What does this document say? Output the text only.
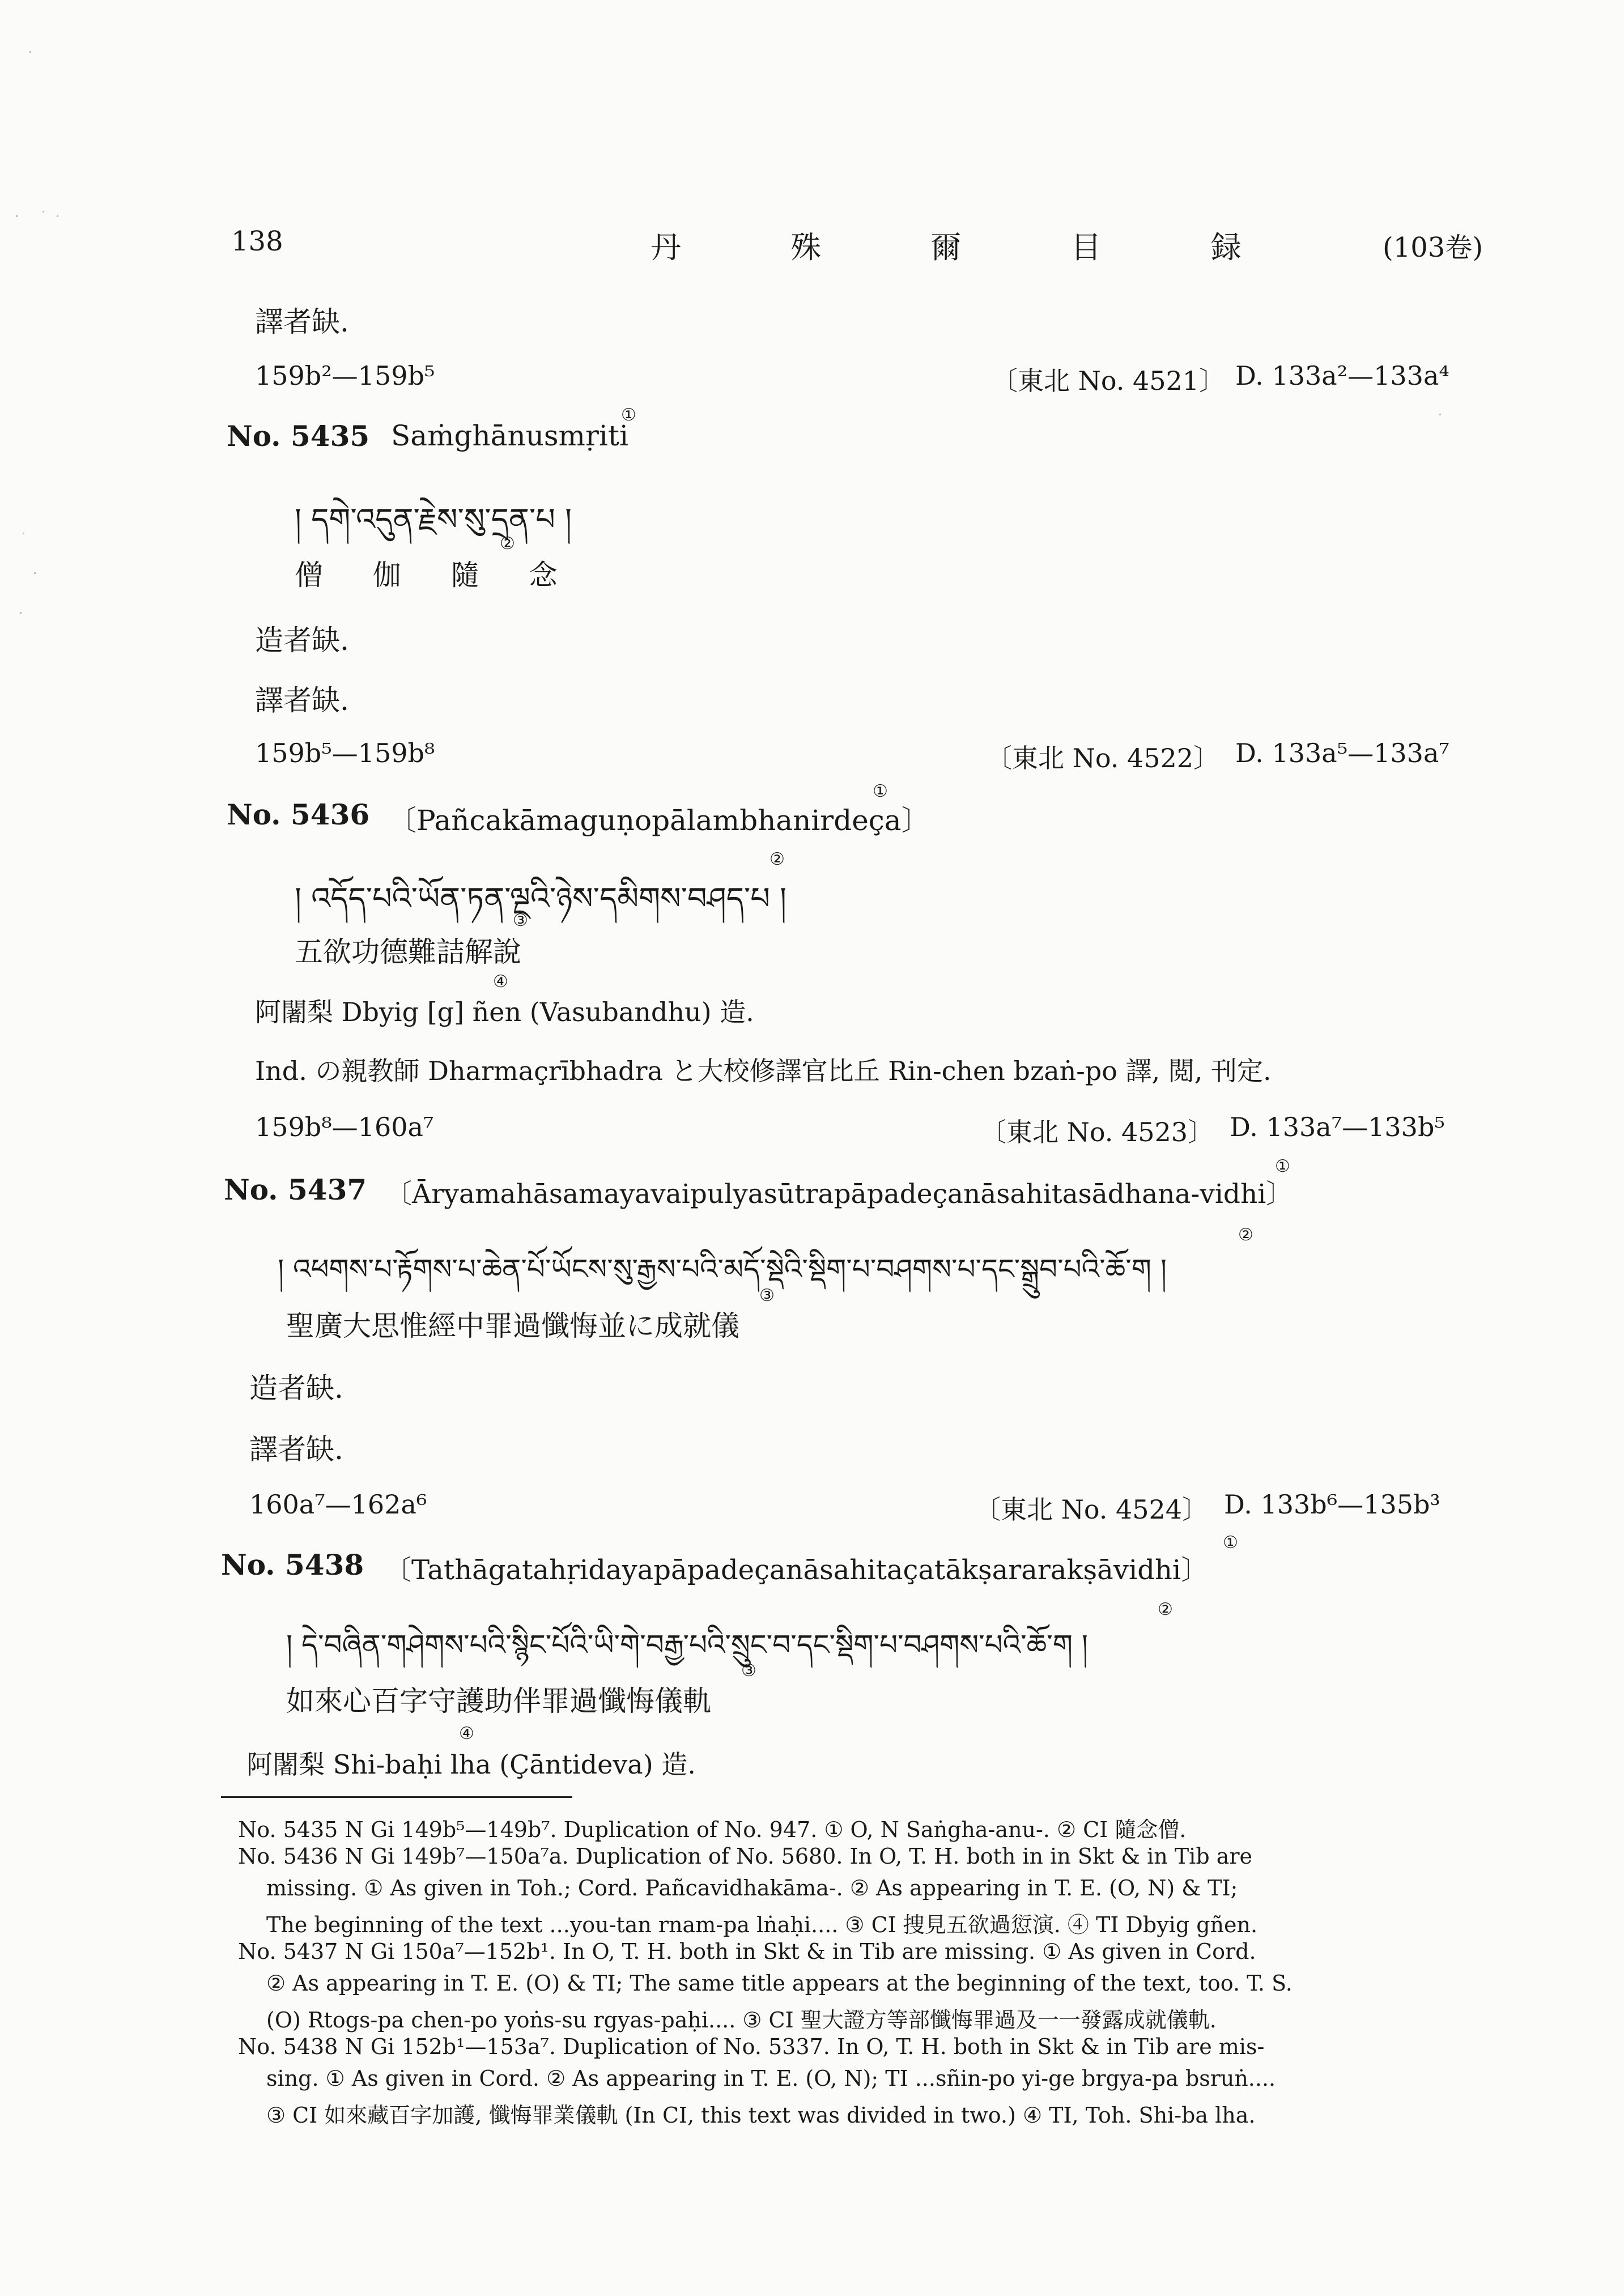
138	丹 殊 爾 目 録	(103卷)
譯者缺.
159b²—159b⁵	〔東北 No. 4521〕 D. 133a²—133a⁴
①
No. 5435 Saṁghānusmṛiti
། དགེ་འདུན་རྗེས་སུ་དྲན་པ །
②
僧 伽 隨 念
造者缺.
譯者缺.
159b⁵—159b⁸	〔東北 No. 4522〕 D. 133a⁵—133a⁷
①
No. 5436 〔Pañcakāmaguṇopālambhanirdeça〕
། འདོད་པའི་ཡོན་ཏན་ལྔའི་ཉེས་དམིགས་བཤད་པ །
②
③
五欲功德難詰解說
④
阿闍梨 Dbyig [g] ñen (Vasubandhu) 造.
Ind. の親教師 Dharmaçrībhadra と大校修譯官比丘 Rin-chen bzaṅ-po 譯, 閲, 刊定.
159b⁸—160a⁷	〔東北 No. 4523〕 D. 133a⁷—133b⁵
①
No. 5437 〔Āryamahāsamayavaipulyasūtrapāpadeçanāsahitasādhana-vidhi〕
། འཕགས་པ་རྟོགས་པ་ཆེན་པོ་ཡོངས་སུ་རྒྱས་པའི་མདོ་སྡེའི་སྡིག་པ་བཤགས་པ་དང་སྒྲུབ་པའི་ཆོ་ག །
②
③
聖廣大思惟經中罪過懺悔並に成就儀
造者缺.
譯者缺.
160a⁷—162a⁶	〔東北 No. 4524〕 D. 133b⁶—135b³
①
No. 5438 〔Tathāgatahṛidayapāpadeçanāsahitaçatākṣararakṣāvidhi〕
། དེ་བཞིན་གཤེགས་པའི་སྙིང་པོའི་ཡི་གེ་བརྒྱ་པའི་སྲུང་བ་དང་སྡིག་པ་བཤགས་པའི་ཆོ་ག །
②
③
如來心百字守護助伴罪過懺悔儀軌
④
阿闍梨 Shi-baḥi lha (Çāntideva) 造.
No. 5435 N Gi 149b⁵—149b⁷. Duplication of No. 947. ① O, N Saṅgha-anu-. ② CI 隨念僧.
No. 5436 N Gi 149b⁷—150a⁷a. Duplication of No. 5680. In O, T. H. both in in Skt & in Tib are
missing. ① As given in Toh.; Cord. Pañcavidhakāma-. ② As appearing in T. E. (O, N) & TI;
The beginning of the text ...you-tan rnam-pa lṅaḥi.... ③ CI 捜見五欲過愆演. ④ TI Dbyig gñen.
No. 5437 N Gi 150a⁷—152b¹. In O, T. H. both in Skt & in Tib are missing. ① As given in Cord.
② As appearing in T. E. (O) & TI; The same title appears at the beginning of the text, too. T. S.
(O) Rtogs-pa chen-po yoṅs-su rgyas-paḥi.... ③ CI 聖大證方等部懺悔罪過及一一發露成就儀軌.
No. 5438 N Gi 152b¹—153a⁷. Duplication of No. 5337. In O, T. H. both in Skt & in Tib are mis-
sing. ① As given in Cord. ② As appearing in T. E. (O, N); TI ...sñin-po yi-ge brgya-pa bsruṅ....
③ CI 如來藏百字加護, 懺悔罪業儀軌 (In CI, this text was divided in two.) ④ TI, Toh. Shi-ba lha.
